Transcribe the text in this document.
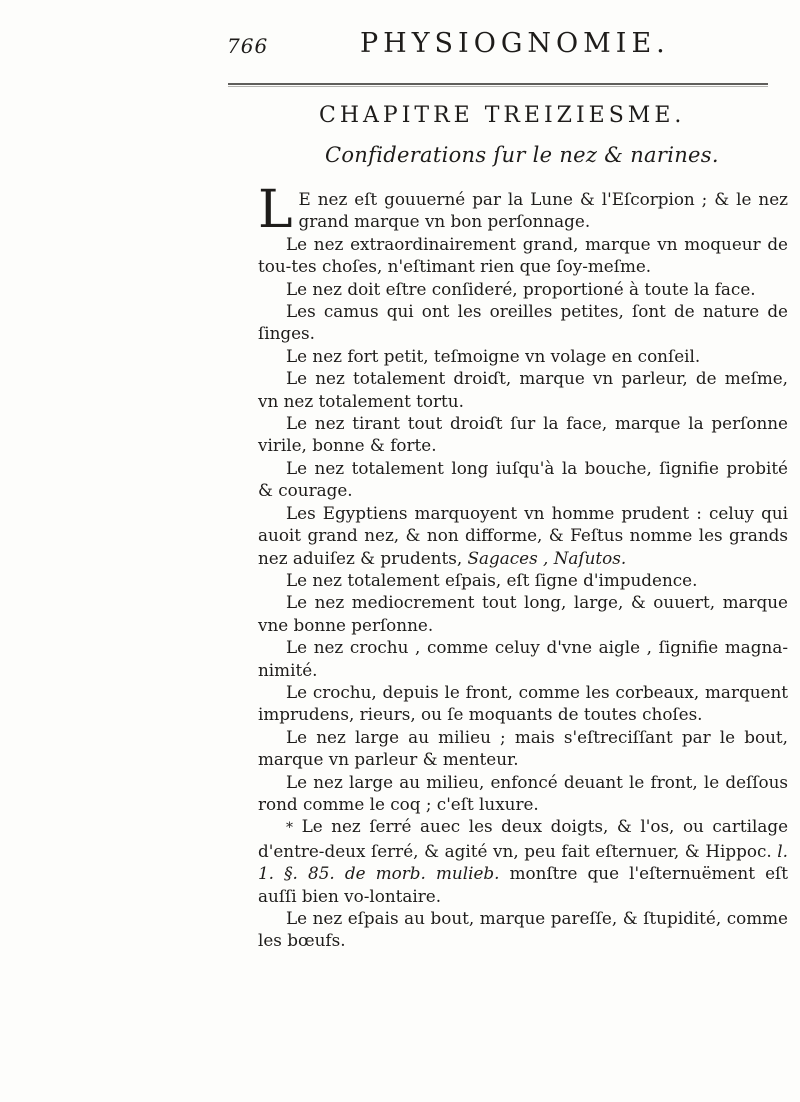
766	PHYSIOGNOMIE.
CHAPITRE TREIZIESME.
Confiderations ſur le nez & narines.

L E nez eſt gouuerné par la Lune & l'Eſcorpion ; & le nez grand marque vn bon perſonnage.

Le nez extraordinairement grand, marque vn moqueur de tou-tes choſes, n'eſtimant rien que ſoy-meſme.

Le nez doit eſtre conſideré, proportioné à toute la face.

Les camus qui ont les oreilles petites, ſont de nature de ſinges.

Le nez fort petit, teſmoigne vn volage en conſeil.

Le nez totalement droiɗt, marque vn parleur, de meſme, vn nez totalement tortu.

Le nez tirant tout droiɗt ſur la face, marque la perſonne virile, bonne & forte.

Le nez totalement long iuſqu'à la bouche, ſignifie probité & courage.

Les Egyptiens marquoyent vn homme prudent : celuy qui auoit grand nez, & non difforme, & Feſtus nomme les grands nez aduiſez & prudents, Sagaces , Naſutos.

Le nez totalement eſpais, eſt ſigne d'impudence.

Le nez mediocrement tout long, large, & ouuert, marque vne bonne perſonne.

Le nez crochu , comme celuy d'vne aigle , ſignifie magna-nimité.

Le crochu, depuis le front, comme les corbeaux, marquent imprudens, rieurs, ou ſe moquants de toutes choſes.

Le nez large au milieu ; mais s'eſtreciſſant par le bout, marque vn parleur & menteur.

Le nez large au milieu, enfoncé deuant le front, le deſſous rond comme le coq ; c'eſt luxure.

* Le nez ſerré auec les deux doigts, & l'os, ou cartilage d'entre-deux ſerré, & agité vn, peu fait eſternuer, & Hippoc. l. 1. §. 85. de morb. mulieb. monſtre que l'eſternuëment eſt auſſi bien vo-lontaire.

Le nez eſpais au bout, marque pareſſe, & ſtupidité, comme les bœufs.
